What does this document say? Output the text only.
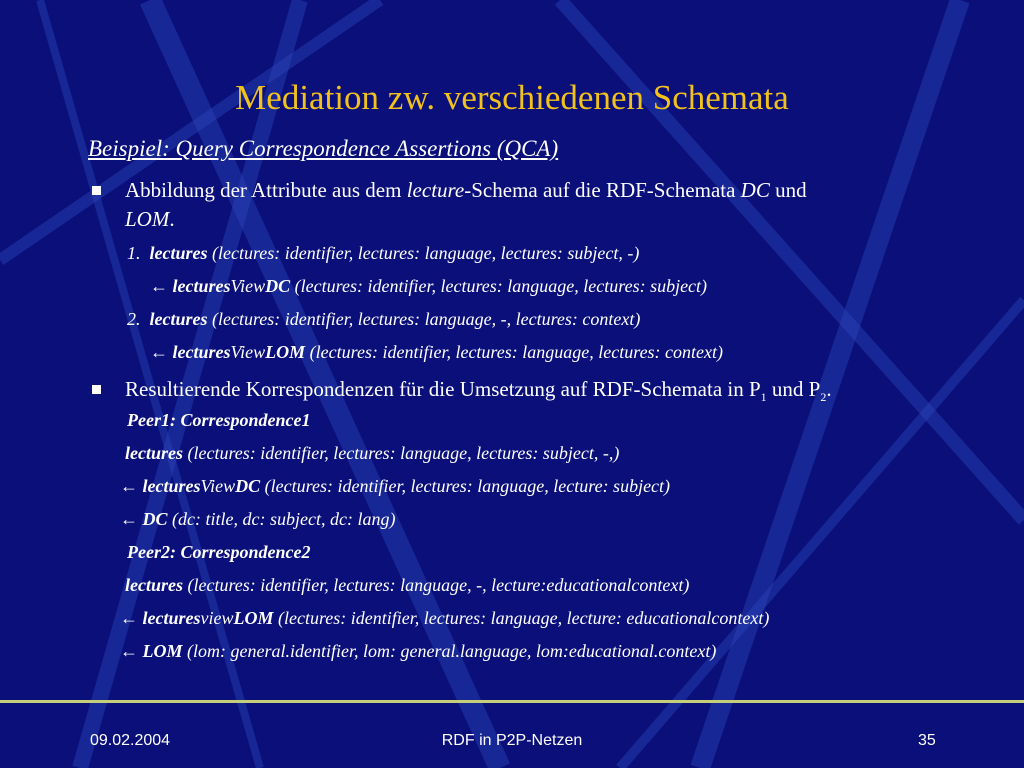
Mediation zw. verschiedenen Schemata
Beispiel: Query Correspondence Assertions (QCA)
Abbildung der Attribute aus dem lecture-Schema auf die RDF-Schemata DC und
LOM.
1. lectures (lectures: identifier, lectures: language, lectures: subject, -)
← lecturesViewDC (lectures: identifier, lectures: language, lectures: subject)
2. lectures (lectures: identifier, lectures: language, -, lectures: context)
← lecturesViewLOM (lectures: identifier, lectures: language, lectures: context)
Resultierende Korrespondenzen für die Umsetzung auf RDF-Schemata in $P_1$ und $P_2$.
Peer1: Correspondence1
lectures (lectures: identifier, lectures: language, lectures: subject, -,)
← lecturesViewDC (lectures: identifier, lectures: language, lecture: subject)
← DC (dc: title, dc: subject, dc: lang)
Peer2: Correspondence2
lectures (lectures: identifier, lectures: language, -, lecture:educationalcontext)
← lecturesviewLOM (lectures: identifier, lectures: language, lecture: educationalcontext)
← LOM (lom: general.identifier, lom: general.language, lom:educational.context)
09.02.2004	RDF in P2P-Netzen	35
